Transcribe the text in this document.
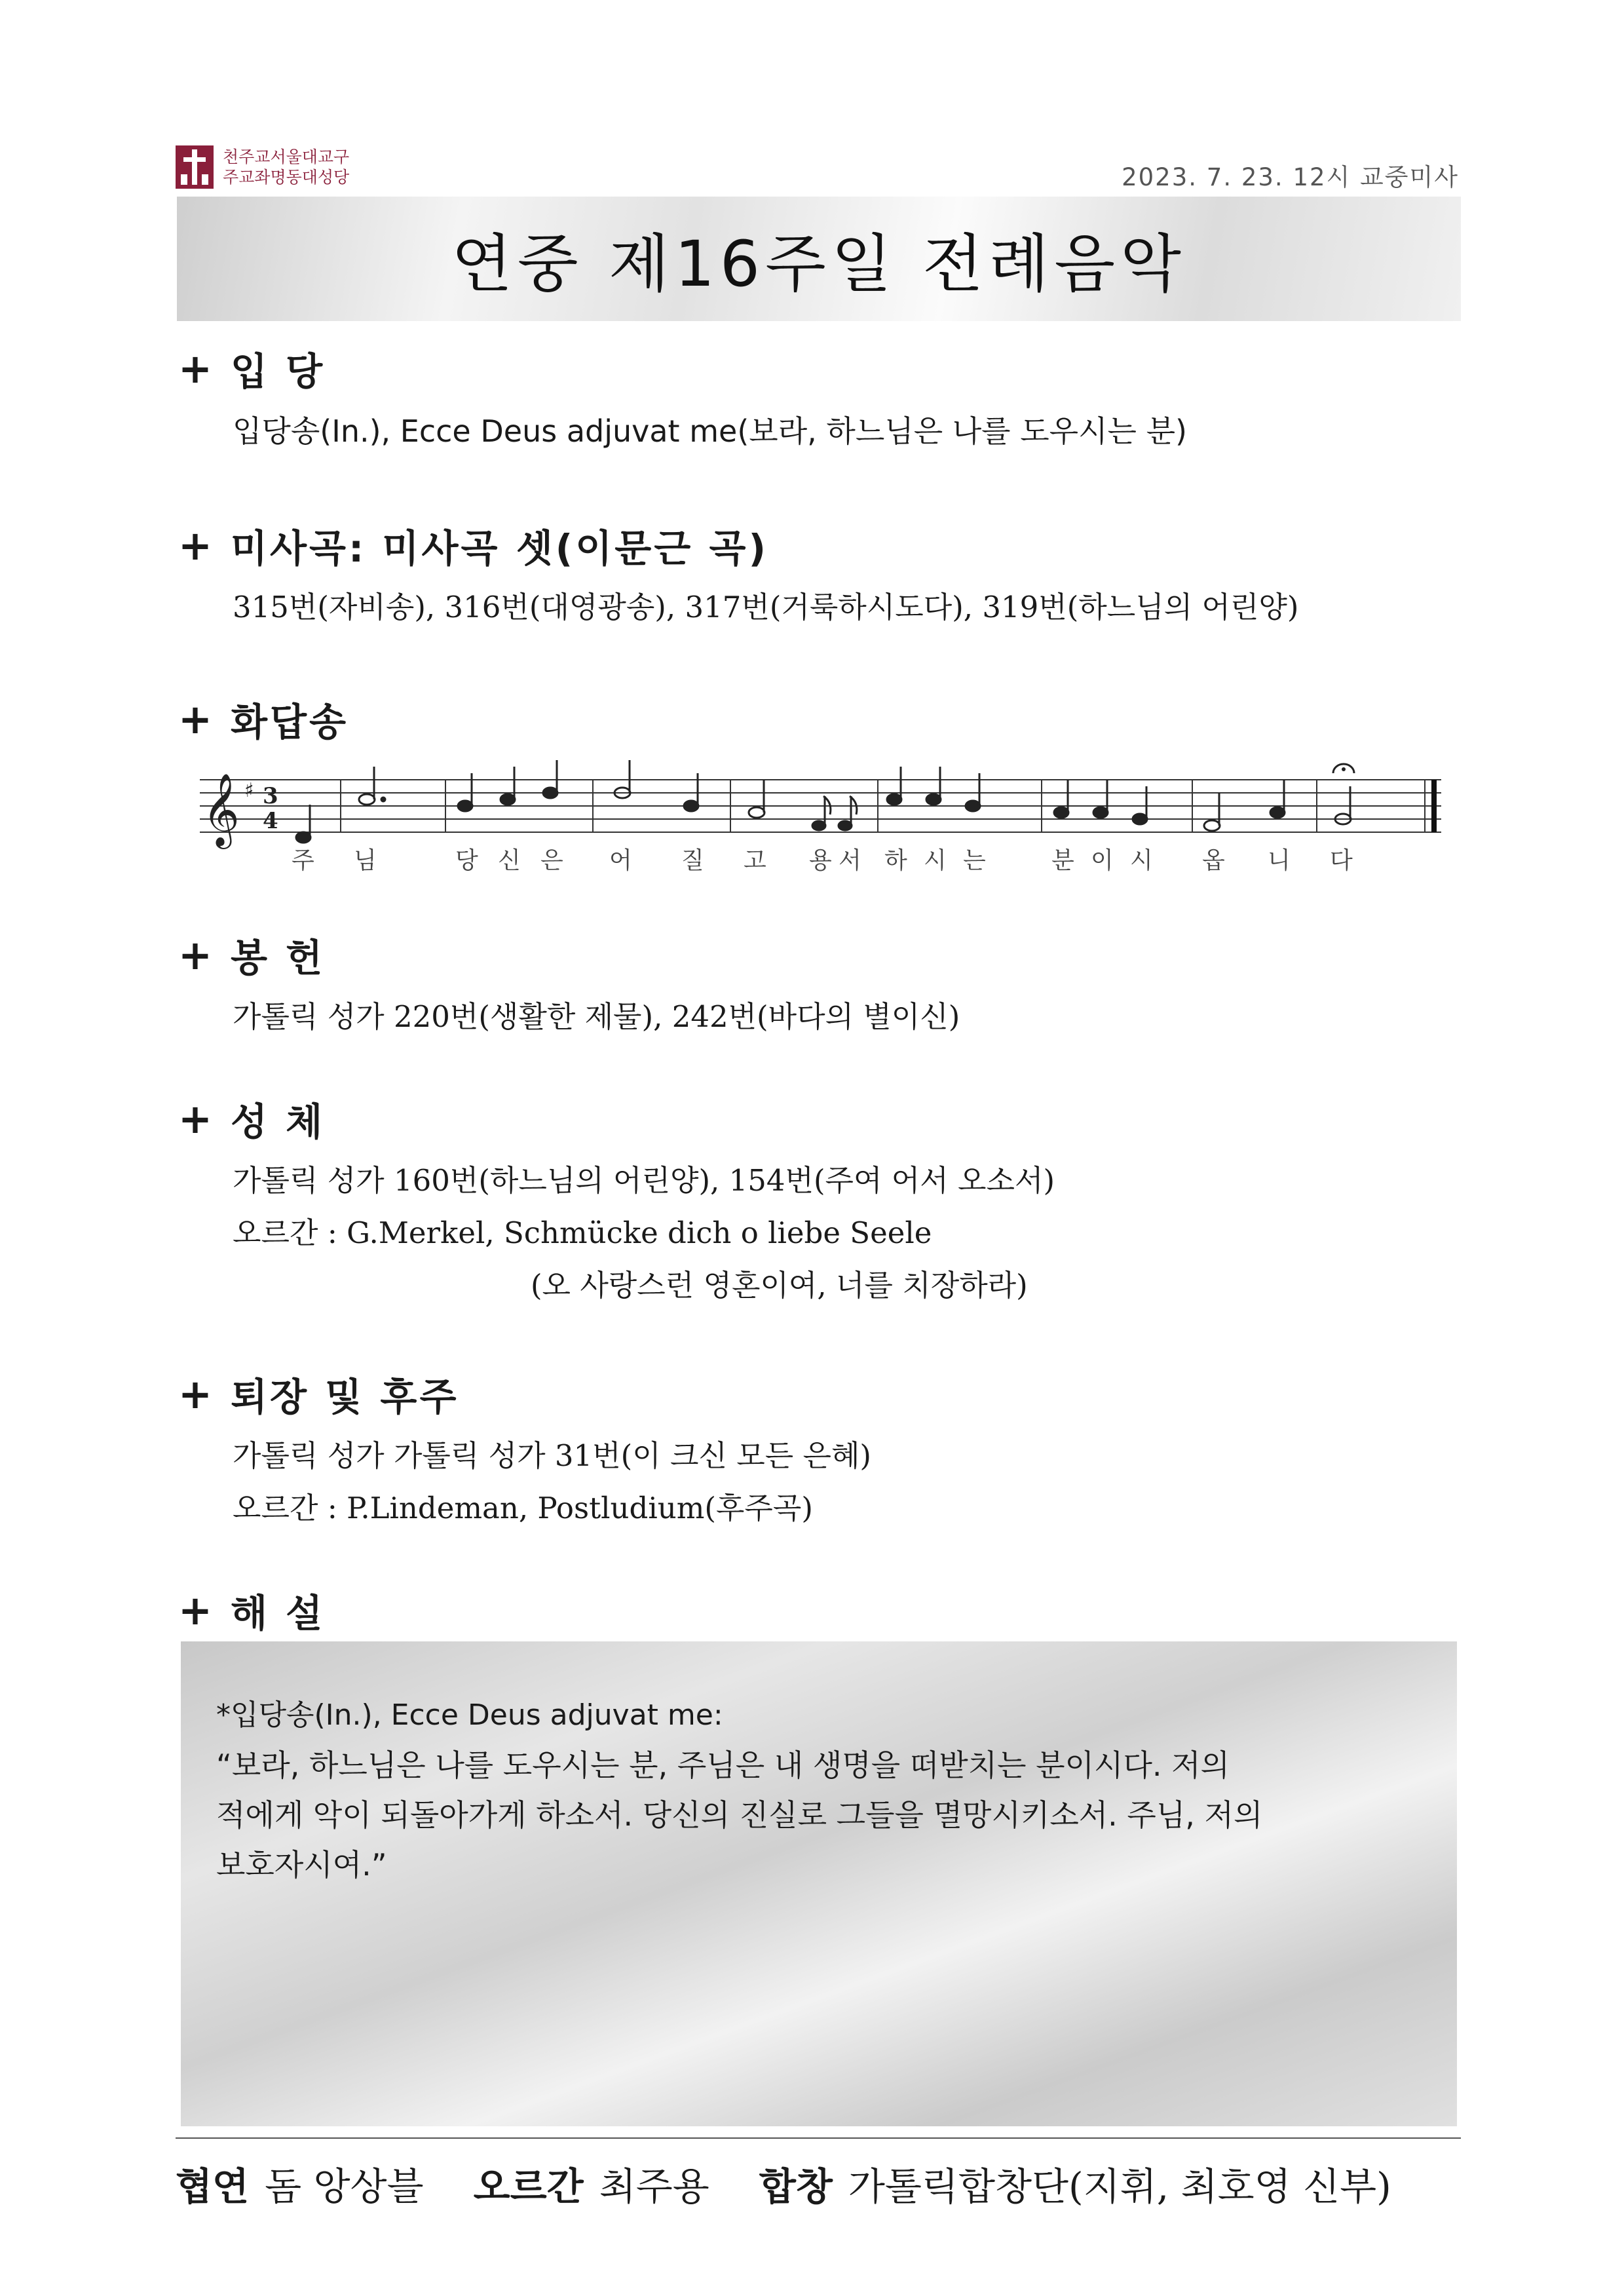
천주교서울대교구
주교좌명동대성당	2023. 7. 23. 12시 교중미사
연중 제16주일 전례음악
+ 입 당
입당송(In.), Ecce Deus adjuvat me(보라, 하느님은 나를 도우시는 분)
+ 미사곡: 미사곡 셋(이문근 곡)
315번(자비송), 316번(대영광송), 317번(거룩하시도다), 319번(하느님의 어린양)
+ 화답송
𝄞 ♯ 3
4
주 님	당 신 은 어 질 고 용 서 하 시 는	분 이 시 옵 니 다
+ 봉 헌
가톨릭 성가 220번(생활한 제물), 242번(바다의 별이신)
+ 성 체
가톨릭 성가 160번(하느님의 어린양), 154번(주여 어서 오소서)
오르간 : G.Merkel, Schmücke dich o liebe Seele
(오 사랑스런 영혼이여, 너를 치장하라)
+ 퇴장 및 후주
가톨릭 성가 가톨릭 성가 31번(이 크신 모든 은혜)
오르간 : P.Lindeman, Postludium(후주곡)
+ 해 설
*입당송(In.), Ecce Deus adjuvat me:
“보라, 하느님은 나를 도우시는 분, 주님은 내 생명을 떠받치는 분이시다. 저의
적에게 악이 되돌아가게 하소서. 당신의 진실로 그들을 멸망시키소서. 주님, 저의
보호자시여.”
협연 돔 앙상블 오르간 최주용 합창 가톨릭합창단(지휘, 최호영 신부)
